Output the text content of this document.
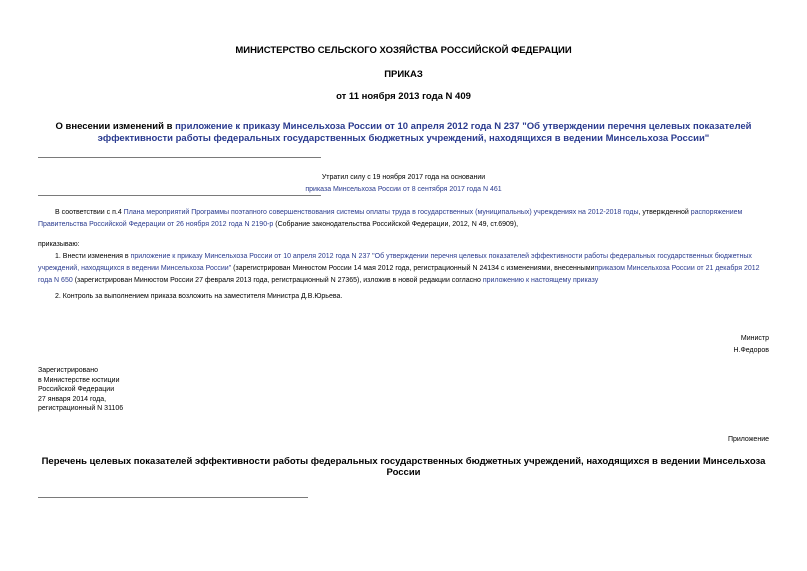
МИНИСТЕРСТВО СЕЛЬСКОГО ХОЗЯЙСТВА РОССИЙСКОЙ ФЕДЕРАЦИИ
ПРИКАЗ
от 11 ноября 2013 года N 409
О внесении изменений в приложение к приказу Минсельхоза России от 10 апреля 2012 года N 237 "Об утверждении перечня целевых показателей эффективности работы федеральных государственных бюджетных учреждений, находящихся в ведении Минсельхоза России"
Утратил силу с 19 ноября 2017 года на основании
приказа Минсельхоза России от 8 сентября 2017 года N 461
В соответствии с п.4 Плана мероприятий Программы поэтапного совершенствования системы оплаты труда в государственных (муниципальных) учреждениях на 2012-2018 годы, утвержденной распоряжением Правительства Российской Федерации от 26 ноября 2012 года N 2190-р (Собрание законодательства Российской Федерации, 2012, N 49, ст.6909),
приказываю:
1. Внести изменения в приложение к приказу Минсельхоза России от 10 апреля 2012 года N 237 "Об утверждении перечня целевых показателей эффективности работы федеральных государственных бюджетных учреждений, находящихся в ведении Минсельхоза России" (зарегистрирован Минюстом России 14 мая 2012 года, регистрационный N 24134 с изменениями, внесеннымиприказом Минсельхоза России от 21 декабря 2012 года N 650 (зарегистрирован Минюстом России 27 февраля 2013 года, регистрационный N 27365), изложив в новой редакции согласно приложению к настоящему приказу
2. Контроль за выполнением приказа возложить на заместителя Министра Д.В.Юрьева.
Министр
Н.Федоров
Зарегистрировано
в Министерстве юстиции
Российской Федерации
27 января 2014 года,
регистрационный N 31106
Приложение
Перечень целевых показателей эффективности работы федеральных государственных бюджетных учреждений, находящихся в ведении Минсельхоза России
